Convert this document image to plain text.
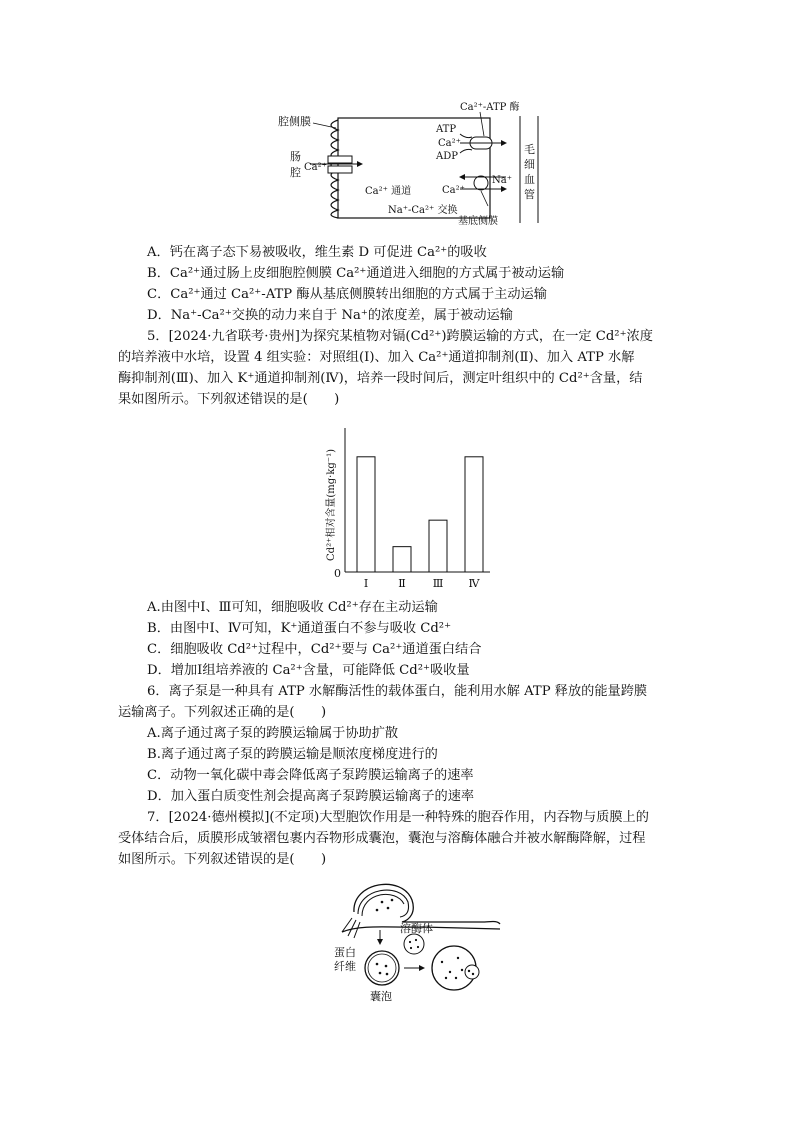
腔侧膜
肠
腔 Ca²⁺
Ca²⁺-ATP 酶
ATP
Ca²⁺
ADP
Na⁺
Ca²⁺
Ca²⁺ 通道
Na⁺-Ca²⁺ 交换
基底侧膜
毛
细
血
管
A．钙在离子态下易被吸收，维生素 D 可促进 Ca²⁺的吸收
B．Ca²⁺通过肠上皮细胞腔侧膜 Ca²⁺通道进入细胞的方式属于被动运输
C．Ca²⁺通过 Ca²⁺-ATP 酶从基底侧膜转出细胞的方式属于主动运输
D．Na⁺-Ca²⁺交换的动力来自于 Na⁺的浓度差，属于被动运输
5．[2024·九省联考·贵州]为探究某植物对镉(Cd²⁺)跨膜运输的方式，在一定 Cd²⁺浓度
的培养液中水培，设置 4 组实验：对照组(Ⅰ)、加入 Ca²⁺通道抑制剂(Ⅱ)、加入 ATP 水解
酶抑制剂(Ⅲ)、加入 K⁺通道抑制剂(Ⅳ)，培养一段时间后，测定叶组织中的 Cd²⁺含量，结
果如图所示。下列叙述错误的是(　　)
Cd²⁺相对含量(mg·kg⁻¹)
0
Ⅰ	Ⅱ Ⅲ Ⅳ
A.由图中Ⅰ、Ⅲ可知，细胞吸收 Cd²⁺存在主动运输
B．由图中Ⅰ、Ⅳ可知，K⁺通道蛋白不参与吸收 Cd²⁺
C．细胞吸收 Cd²⁺过程中，Cd²⁺要与 Ca²⁺通道蛋白结合
D．增加Ⅰ组培养液的 Ca²⁺含量，可能降低 Cd²⁺吸收量
6．离子泵是一种具有 ATP 水解酶活性的载体蛋白，能利用水解 ATP 释放的能量跨膜
运输离子。下列叙述正确的是(　　)
A.离子通过离子泵的跨膜运输属于协助扩散
B.离子通过离子泵的跨膜运输是顺浓度梯度进行的
C．动物一氧化碳中毒会降低离子泵跨膜运输离子的速率
D．加入蛋白质变性剂会提高离子泵跨膜运输离子的速率
7．[2024·德州模拟](不定项)大型胞饮作用是一种特殊的胞吞作用，内吞物与质膜上的
受体结合后，质膜形成皱褶包裹内吞物形成囊泡，囊泡与溶酶体融合并被水解酶降解，过程
如图所示。下列叙述错误的是(　　)
蛋白
纤维
溶酶体
囊泡
